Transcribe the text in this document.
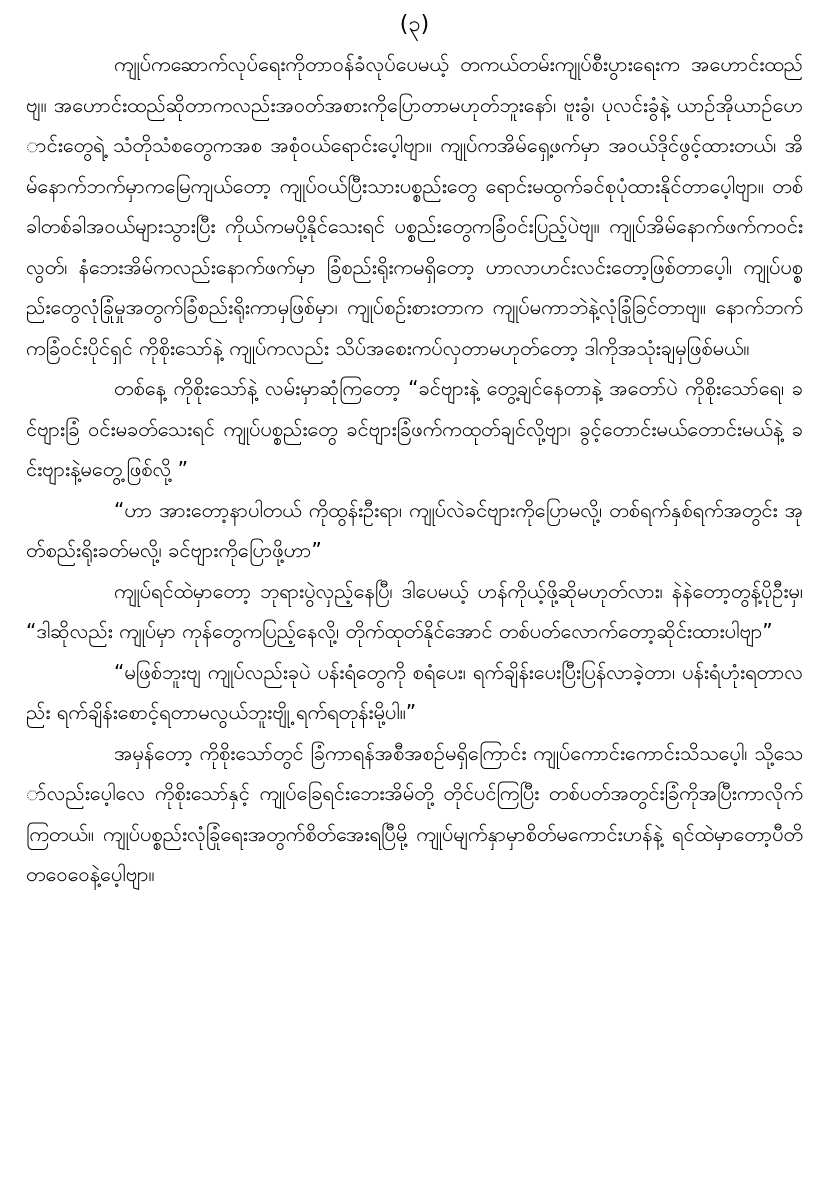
(၃)

ကျုပ်ကဆောက်လုပ်ရေးကိုတာဝန်ခံလုပ်ပေမယ့် တကယ်တမ်းကျုပ်စီးပွားရေးက အဟောင်းထည်ဗျ။ အဟောင်းထည်ဆိုတာကလည်းအဝတ်အစားကိုပြောတာမဟုတ်ဘူးနော်၊ ဗူးခွံ၊ ပုလင်းခွံနဲ့ ယာဉ်အိုယာဉ်ဟောင်းတွေရဲ့ သံတိုသံစတွေကအစ အစုံဝယ်ရောင်းပေ့ါဗျာ။ ကျုပ်ကအိမ်ရှေ့ဖက်မှာ အဝယ်ဒိုင်ဖွင့်ထားတယ်၊ အိမ်နောက်ဘက်မှာကမြေကျယ်တော့ ကျုပ်ဝယ်ပြီးသားပစ္စည်းတွေ ရောင်းမထွက်ခင်စုပုံထားနိုင်တာပေ့ါဗျာ။ တစ်ခါတစ်ခါအဝယ်များသွားပြီး ကိုယ်ကမပို့နိုင်သေးရင် ပစ္စည်းတွေကခြံဝင်းပြည့်ပဲဗျ။ ကျုပ်အိမ်နောက်ဖက်ကဝင်းလွတ်၊ နံဘေးအိမ်ကလည်းနောက်ဖက်မှာ ခြံစည်းရိုးကမရှိတော့ ဟာလာဟင်းလင်းတော့ဖြစ်တာပေ့ါ၊ ကျုပ်ပစ္စည်းတွေလုံခြုံမှုအတွက်ခြံစည်းရိုးကာမှဖြစ်မှာ၊ ကျုပ်စဉ်းစားတာက ကျုပ်မကာဘဲနဲ့လုံခြုံခြင်တာဗျ။ နောက်ဘက်ကခြံဝင်းပိုင်ရှင် ကိုစိုးသော်နဲ့ ကျုပ်ကလည်း သိပ်အစေးကပ်လှတာမဟုတ်တော့ ဒါကိုအသုံးချမှဖြစ်မယ်။

တစ်နေ့ ကိုစိုးသော်နဲ့ လမ်းမှာဆုံကြတော့ “ခင်ဗျားနဲ့ တွေ့ချင်နေတာနဲ့ အတော်ပဲ ကိုစိုးသော်ရေ၊ ခင်ဗျားခြံ ဝင်းမခတ်သေးရင် ကျုပ်ပစ္စည်းတွေ ခင်ဗျားခြံဖက်ကထုတ်ချင်လို့ဗျာ၊ ခွင့်တောင်းမယ်တောင်းမယ်နဲ့ ခင်းဗျားနဲ့မတွေ့ဖြစ်လို့ ”

“ဟာ အားတော့နာပါတယ် ကိုထွန်းဦးရာ၊ ကျုပ်လဲခင်ဗျားကိုပြောမလို့၊ တစ်ရက်နှစ်ရက်အတွင်း အုတ်စည်းရိုးခတ်မလို့၊ ခင်ဗျားကိုပြောဖို့ဟာ”

ကျုပ်ရင်ထဲမှာတော့ ဘုရားပွဲလှည့်နေပြီ၊ ဒါပေမယ့် ဟန်ကိုယ့်ဖို့ဆိုမဟုတ်လား၊ နဲနဲတော့တွန့်ပိုဦးမှ၊ “ဒါဆိုလည်း ကျုပ်မှာ ကုန်တွေကပြည့်နေလို့၊ တိုက်ထုတ်နိုင်အောင် တစ်ပတ်လောက်တော့ဆိုင်းထားပါဗျာ”

“မဖြစ်ဘူးဗျ ကျုပ်လည်းခုပဲ ပန်းရံတွေကို စရံပေး၊ ရက်ချိန်းပေးပြီးပြန်လာခဲ့တာ၊ ပန်းရံဟုံးရတာလည်း ရက်ချိန်းစောင့်ရတာမလွယ်ဘူးဗျို့ ရက်ရတုန်းမို့ပါ။”

အမှန်တော့ ကိုစိုးသော်တွင် ခြံကာရန်အစီအစဉ်မရှိကြောင်း ကျုပ်ကောင်းကောင်းသိသပေ့ါ၊ သို့သော်လည်းပေ့ါလေ ကိုစိုးသော်နှင့် ကျုပ်ခြေရင်းဘေးအိမ်တို့ တိုင်ပင်ကြပြီး တစ်ပတ်အတွင်းခြံကိုအပြီးကာလိုက်ကြတယ်။ ကျုပ်ပစ္စည်းလုံခြုံရေးအတွက်စိတ်အေးရပြီမို့ ကျုပ်မျက်နှာမှာစိတ်မကောင်းဟန်နဲ့ ရင်ထဲမှာတော့ပီတိတဝေဝေနဲ့ပေ့ါဗျာ။
